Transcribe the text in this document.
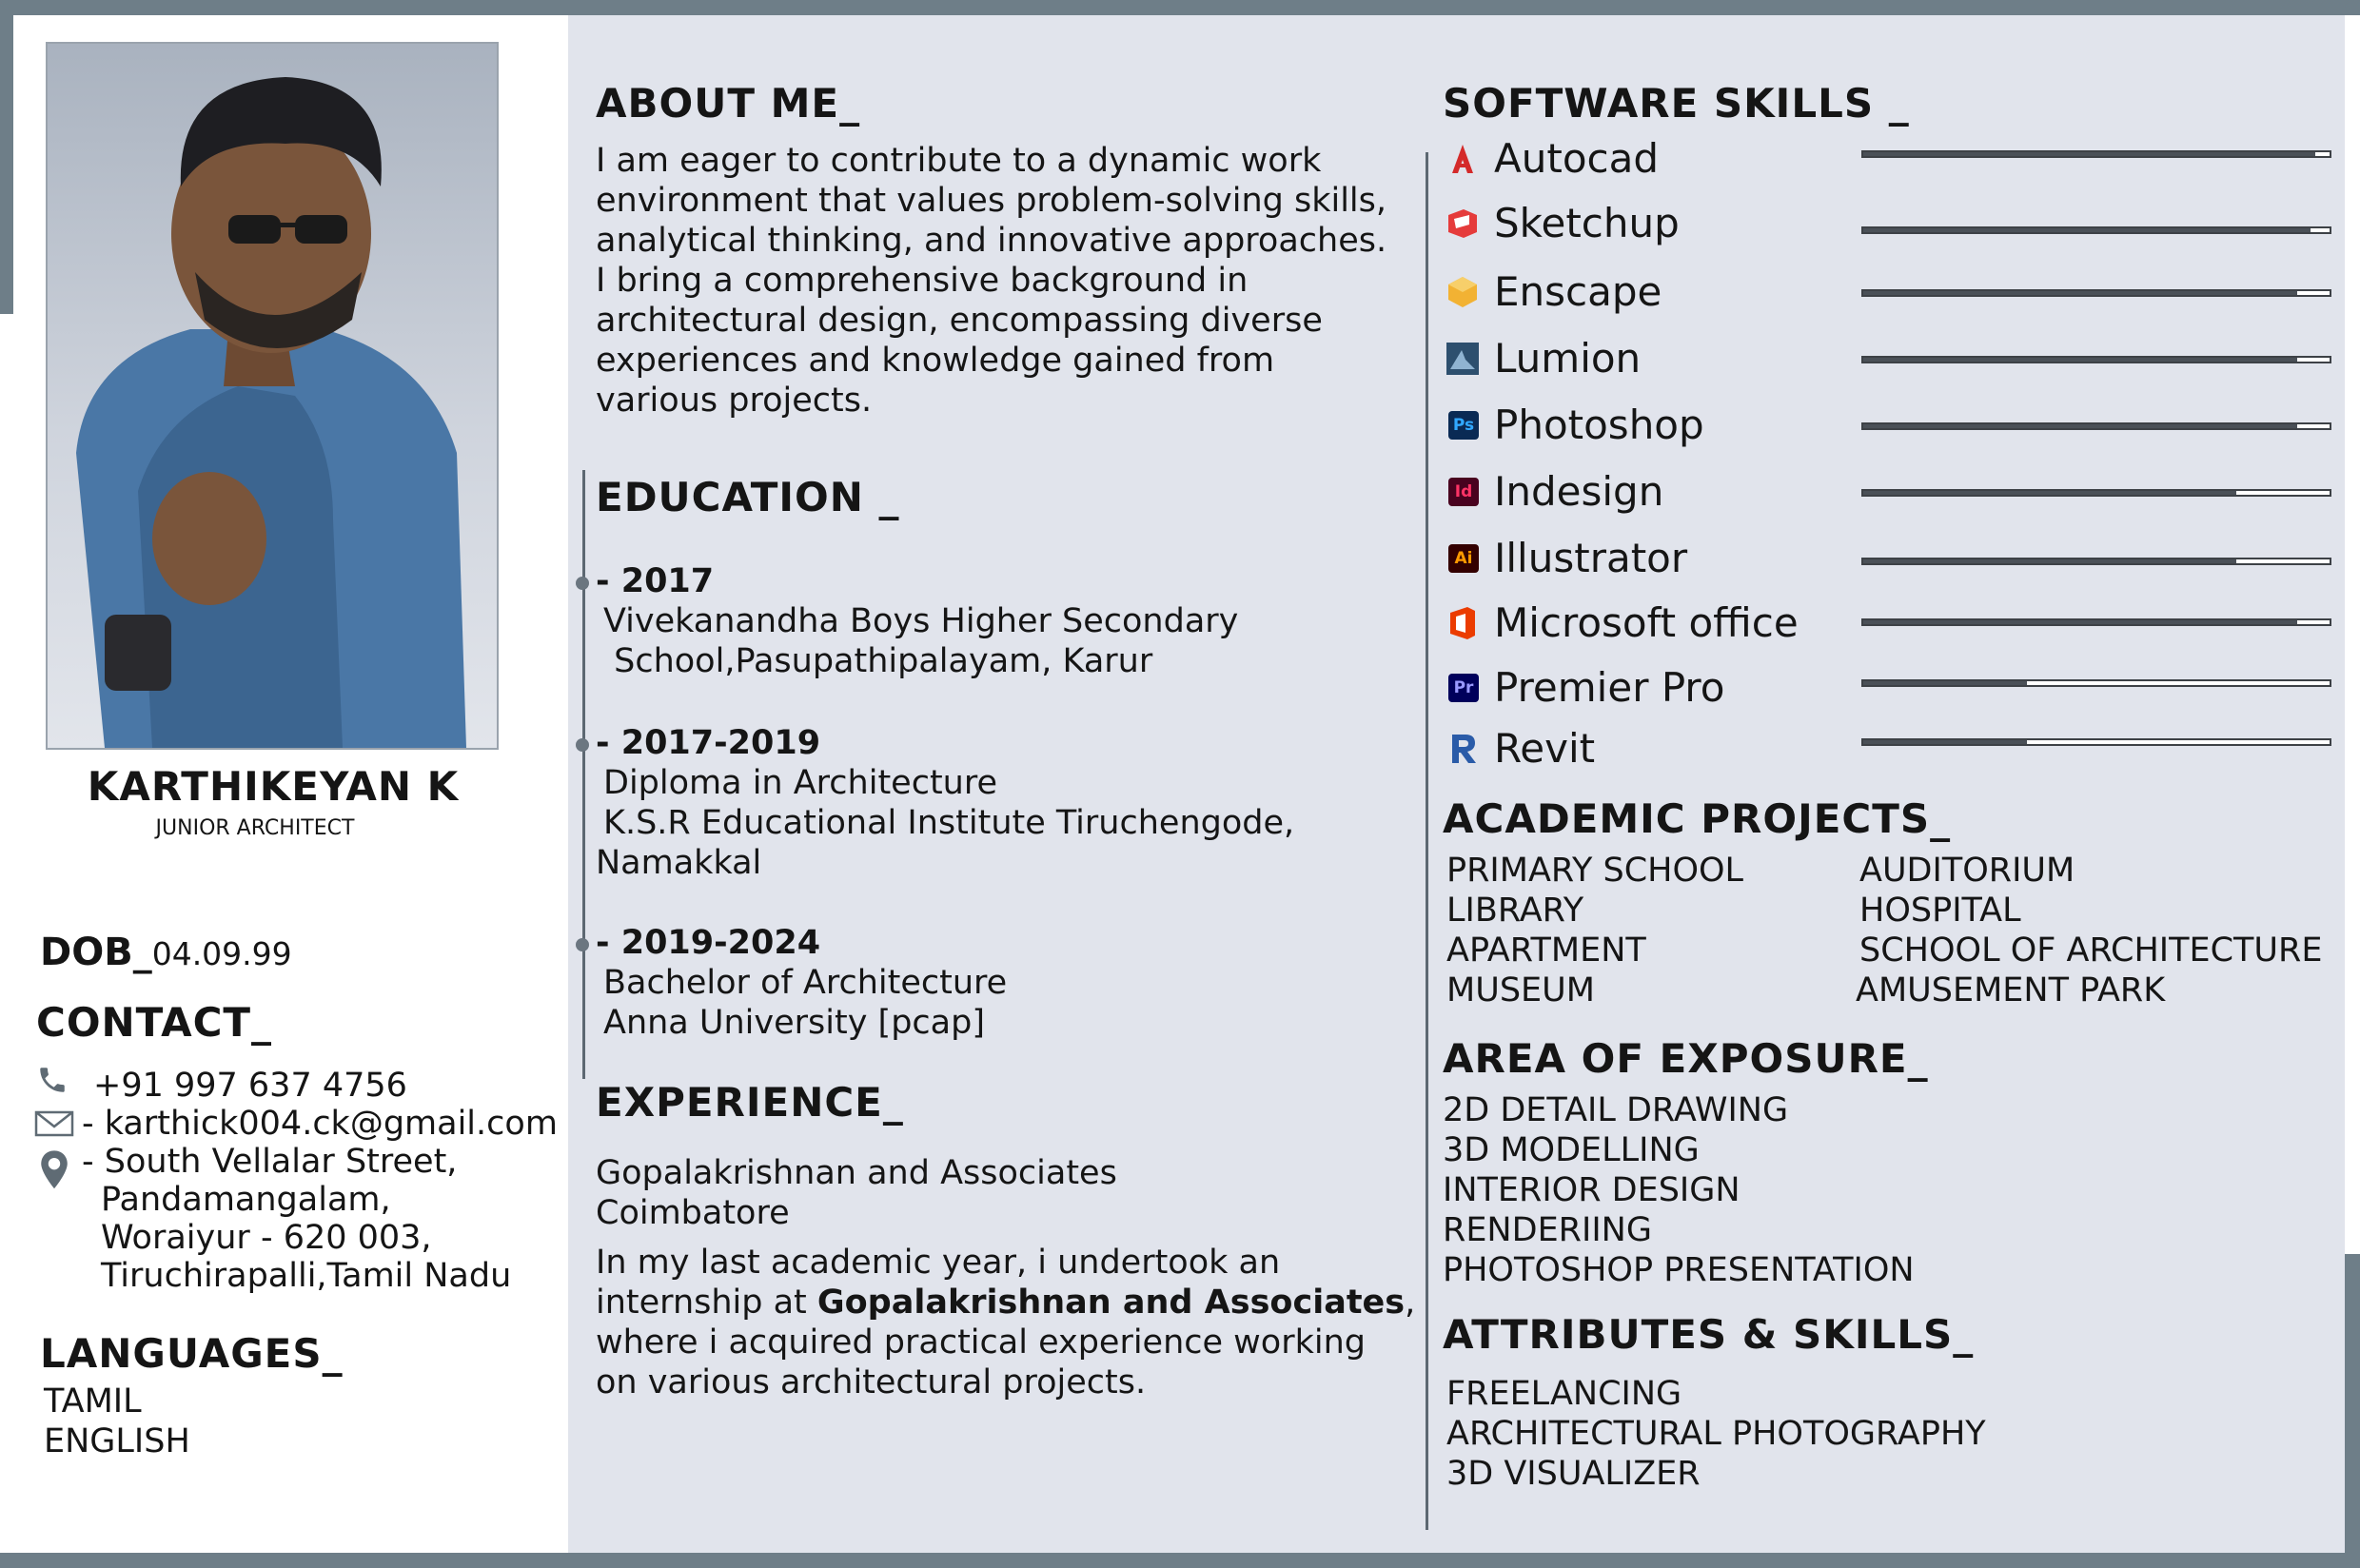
KARTHIKEYAN K
JUNIOR ARCHITECT
DOB_04.09.99
CONTACT_
+91 997 637 4756
- karthick004.ck@gmail.com
- South Vellalar Street,
Pandamangalam,
Woraiyur - 620 003,
Tiruchirapalli,Tamil Nadu
LANGUAGES_
TAMIL
ENGLISH
ABOUT ME_
I am eager to contribute to a dynamic work
environment that values problem-solving skills,
analytical thinking, and innovative approaches.
I bring a comprehensive background in
architectural design, encompassing diverse
experiences and knowledge gained from
various projects.
EDUCATION _
- 2017
Vivekanandha Boys Higher Secondary
School,Pasupathipalayam, Karur
- 2017-2019
Diploma in Architecture
K.S.R Educational Institute Tiruchengode,
Namakkal
- 2019-2024
Bachelor of Architecture
Anna University [pcap]
EXPERIENCE_
Gopalakrishnan and Associates
Coimbatore
In my last academic year, i undertook an
internship at Gopalakrishnan and Associates,
where i acquired practical experience working
on various architectural projects.
SOFTWARE SKILLS _
Autocad
Sketchup
Enscape
Lumion
Ps Photoshop
Id Indesign
Ai Illustrator
Microsoft office
Pr Premier Pro
Revit
ACADEMIC PROJECTS_
PRIMARY SCHOOL
LIBRARY
APARTMENT
MUSEUM
AUDITORIUM
HOSPITAL
SCHOOL OF ARCHITECTURE
AMUSEMENT PARK
AREA OF EXPOSURE_
2D DETAIL DRAWING
3D MODELLING
INTERIOR DESIGN
RENDERIING
PHOTOSHOP PRESENTATION
ATTRIBUTES & SKILLS_
FREELANCING
ARCHITECTURAL PHOTOGRAPHY
3D VISUALIZER
